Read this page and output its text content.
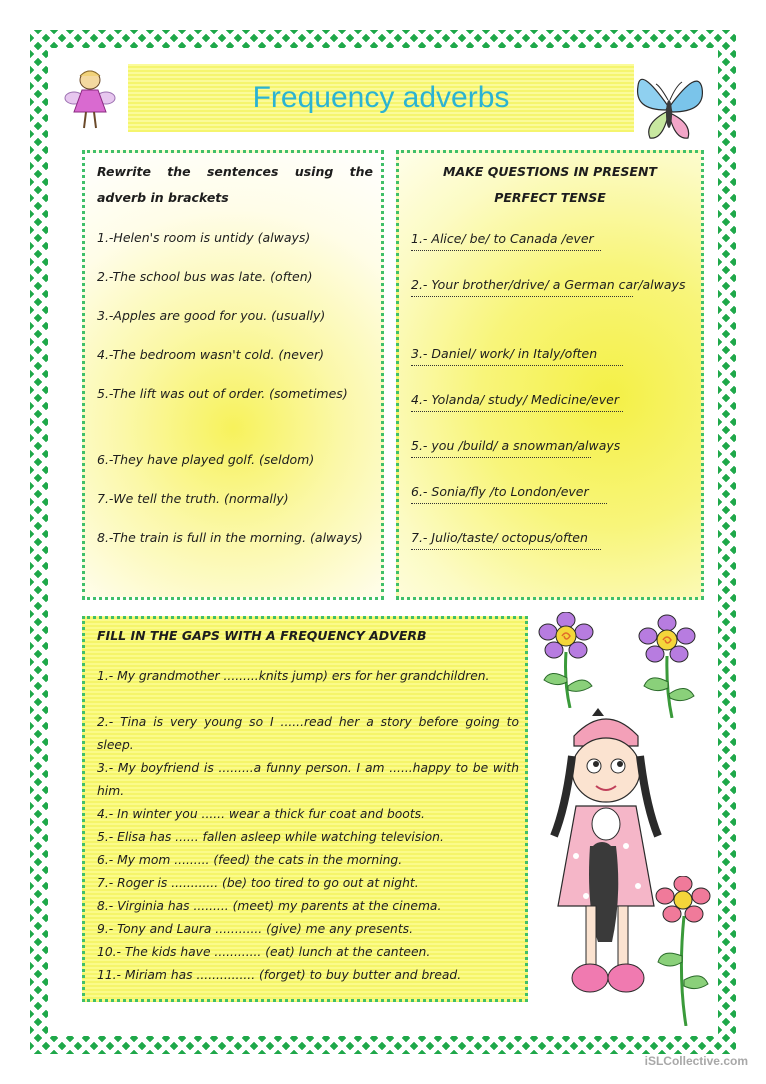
Frequency adverbs
Rewrite the sentences using the adverb in brackets
1.-Helen's room is untidy (always)
2.-The school bus was late. (often)
3.-Apples are good for you. (usually)
4.-The bedroom wasn't cold. (never)
5.-The lift was out of order. (sometimes)
6.-They have played golf. (seldom)
7.-We tell the truth. (normally)
8.-The train is full in the morning. (always)
MAKE QUESTIONS IN PRESENT PERFECT TENSE
1.- Alice/ be/ to Canada /ever

2.- Your brother/drive/ a German car/always

3.- Daniel/ work/ in Italy/often

4.- Yolanda/ study/ Medicine/ever

5.- you /build/ a snowman/always

6.- Sonia/fly /to London/ever

7.- Julio/taste/ octopus/often

FILL IN THE GAPS WITH A FREQUENCY ADVERB
1.- My grandmother .........knits jump) ers for her grandchildren.
2.- Tina is very young so I ......read her a story before going to sleep.
3.- My boyfriend is .........a funny person. I am ......happy to be with him.
4.- In winter you ...... wear a thick fur coat and boots.
5.- Elisa has ...... fallen asleep while watching television.
6.- My mom ......... (feed) the cats in the morning.
7.- Roger is ............ (be) too tired to go out at night.
8.- Virginia has ......... (meet) my parents at the cinema.
9.- Tony and Laura ............ (give) me any presents.
10.- The kids have ............ (eat) lunch at the canteen.
11.- Miriam has ............... (forget) to buy butter and bread.
iSLCollective.com
